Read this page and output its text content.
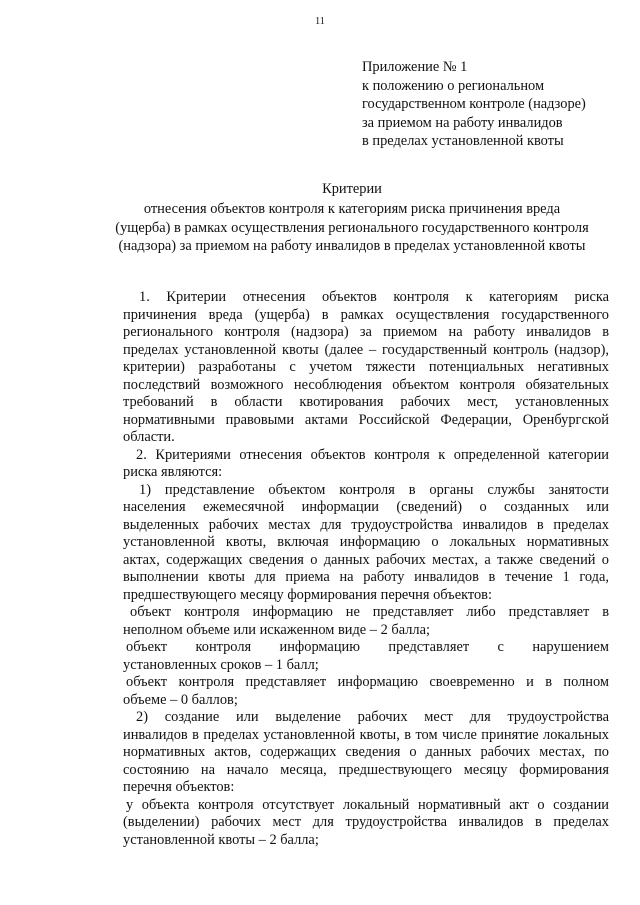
11
Приложение № 1
к положению о региональном
государственном контроле (надзоре)
за приемом на работу инвалидов
в пределах установленной квоты
Критерии
отнесения объектов контроля к категориям риска причинения вреда
(ущерба) в рамках осуществления регионального государственного контроля
(надзора) за приемом на работу инвалидов в пределах установленной квоты
1. Критерии отнесения объектов контроля к категориям риска
причинения вреда (ущерба) в рамках осуществления государственного
регионального контроля (надзора) за приемом на работу инвалидов в
пределах установленной квоты (далее – государственный контроль (надзор),
критерии) разработаны с учетом тяжести потенциальных негативных
последствий возможного несоблюдения объектом контроля обязательных
требований в области квотирования рабочих мест, установленных
нормативными правовыми актами Российской Федерации, Оренбургской
области.
2. Критериями отнесения объектов контроля к определенной категории
риска являются:
1) представление объектом контроля в органы службы занятости
населения ежемесячной информации (сведений) о созданных или
выделенных рабочих местах для трудоустройства инвалидов в пределах
установленной квоты, включая информацию о локальных нормативных
актах, содержащих сведения о данных рабочих местах, а также сведений о
выполнении квоты для приема на работу инвалидов в течение 1 года,
предшествующего месяцу формирования перечня объектов:
объект контроля информацию не представляет либо представляет в
неполном объеме или искаженном виде – 2 балла;
объект контроля информацию представляет с нарушением
установленных сроков – 1 балл;
объект контроля представляет информацию своевременно и в полном
объеме – 0 баллов;
2) создание или выделение рабочих мест для трудоустройства
инвалидов в пределах установленной квоты, в том числе принятие локальных
нормативных актов, содержащих сведения о данных рабочих местах, по
состоянию на начало месяца, предшествующего месяцу формирования
перечня объектов:
у объекта контроля отсутствует локальный нормативный акт о создании
(выделении) рабочих мест для трудоустройства инвалидов в пределах
установленной квоты – 2 балла;
